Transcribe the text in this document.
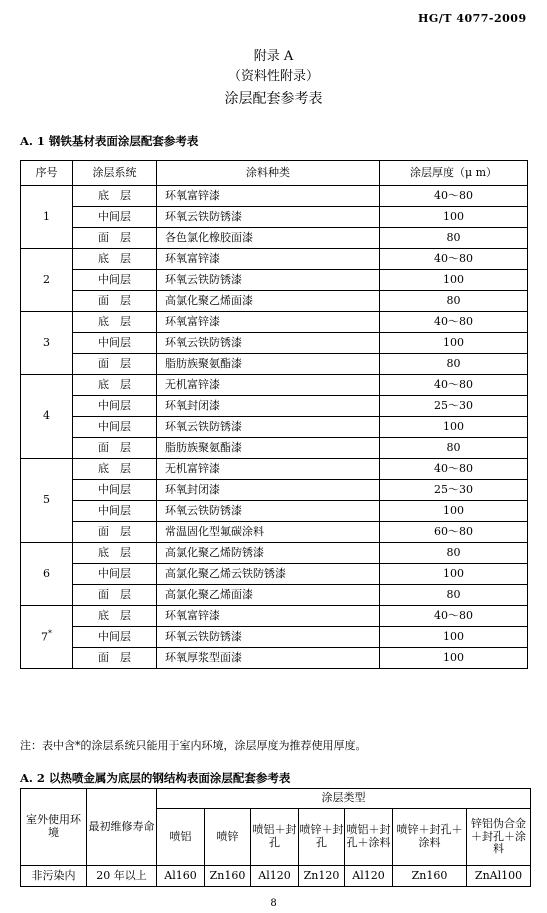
HG/T 4077-2009
附录 A
（资料性附录）
涂层配套参考表
A. 1 钢铁基材表面涂层配套参考表
序号	涂层系统	涂料种类	涂层厚度（μ m）
1	底　层	环氧富锌漆	40～80
	中间层	环氧云铁防锈漆	100
	面　层	各色氯化橡胶面漆	80
2	底　层	环氧富锌漆	40～80
	中间层	环氧云铁防锈漆	100
	面　层	高氯化聚乙烯面漆	80
3	底　层	环氧富锌漆	40～80
	中间层	环氧云铁防锈漆	100
	面　层	脂肪族聚氨酯漆	80
4	底　层	无机富锌漆	40～80
	中间层	环氧封闭漆	25～30
	中间层	环氧云铁防锈漆	100
	面　层	脂肪族聚氨酯漆	80
5	底　层	无机富锌漆	40～80
	中间层	环氧封闭漆	25～30
	中间层	环氧云铁防锈漆	100
	面　层	常温固化型氟碳涂料	60～80
6	底　层	高氯化聚乙烯防锈漆	80
	中间层	高氯化聚乙烯云铁防锈漆	100
	面　层	高氯化聚乙烯面漆	80
7*	底　层	环氧富锌漆	40～80
	中间层	环氧云铁防锈漆	100
	面　层	环氧厚浆型面漆	100
注：表中含*的涂层系统只能用于室内环境，涂层厚度为推荐使用厚度。
A. 2 以热喷金属为底层的钢结构表面涂层配套参考表
室外使用环境	最初维修寿命	涂层类型						
		喷铝	喷锌	喷铝＋封孔	喷锌＋封孔	喷铝＋封孔＋涂料	喷锌＋封孔＋涂料	锌铝伪合金＋封孔＋涂料
非污染内	20 年以上	Al160	Zn160	Al120	Zn120	Al120	Zn160	ZnAl100
8
